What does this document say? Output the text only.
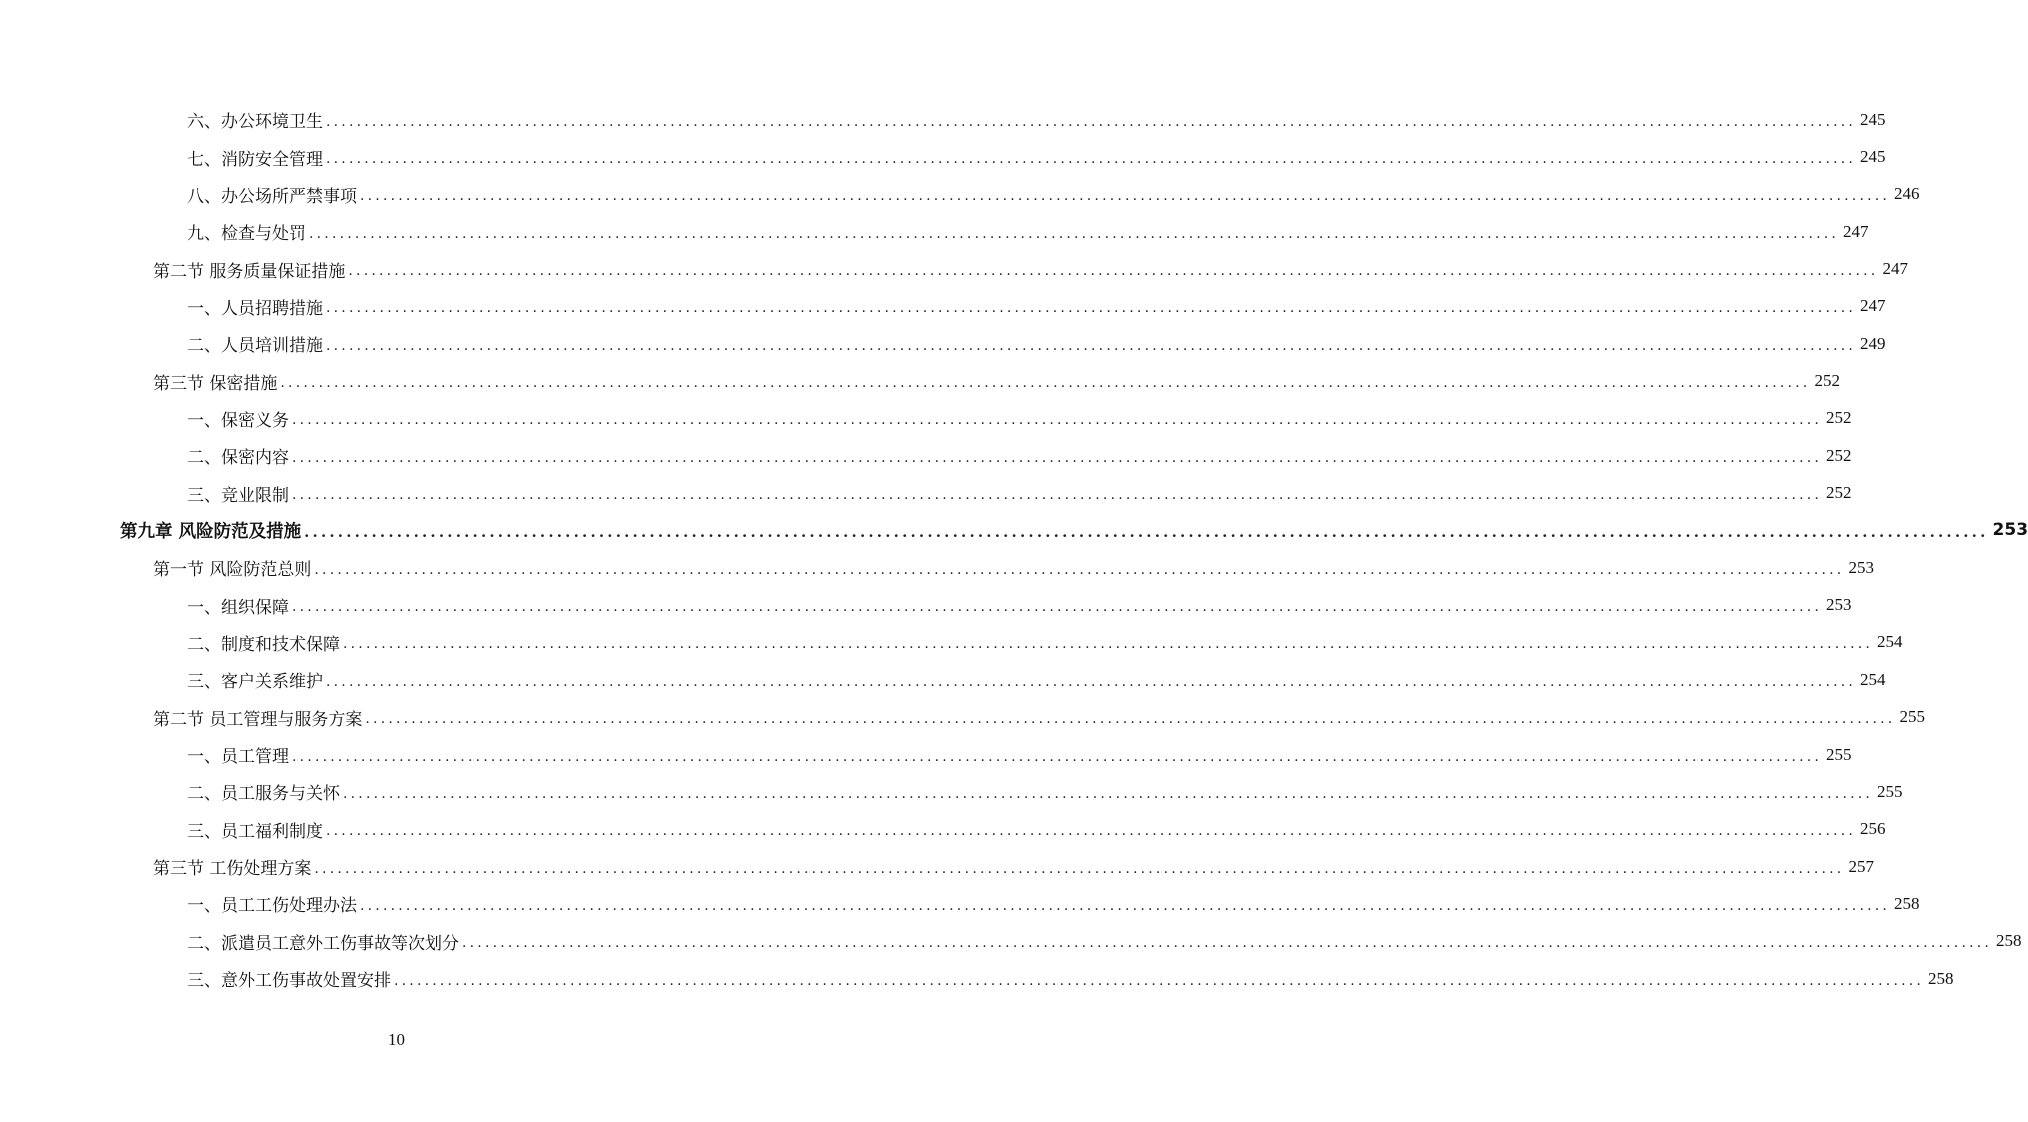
六、办公环境卫生 ........................................................................................................................................................................................................ 245
七、消防安全管理 ........................................................................................................................................................................................................ 245
八、办公场所严禁事项 ........................................................................................................................................................................................................ 246
九、检查与处罚 ........................................................................................................................................................................................................ 247
第二节 服务质量保证措施 ........................................................................................................................................................................................................ 247
一、人员招聘措施 ........................................................................................................................................................................................................ 247
二、人员培训措施 ........................................................................................................................................................................................................ 249
第三节 保密措施 ........................................................................................................................................................................................................ 252
一、保密义务 ........................................................................................................................................................................................................ 252
二、保密内容 ........................................................................................................................................................................................................ 252
三、竞业限制 ........................................................................................................................................................................................................ 252
第九章 风险防范及措施 ........................................................................................................................................................................................................ 253
第一节 风险防范总则 ........................................................................................................................................................................................................ 253
一、组织保障 ........................................................................................................................................................................................................ 253
二、制度和技术保障 ........................................................................................................................................................................................................ 254
三、客户关系维护 ........................................................................................................................................................................................................ 254
第二节 员工管理与服务方案 ........................................................................................................................................................................................................ 255
一、员工管理 ........................................................................................................................................................................................................ 255
二、员工服务与关怀 ........................................................................................................................................................................................................ 255
三、员工福利制度 ........................................................................................................................................................................................................ 256
第三节 工伤处理方案 ........................................................................................................................................................................................................ 257
一、员工工伤处理办法 ........................................................................................................................................................................................................ 258
二、派遣员工意外工伤事故等次划分 ........................................................................................................................................................................................................ 258
三、意外工伤事故处置安排 ........................................................................................................................................................................................................ 258
10
